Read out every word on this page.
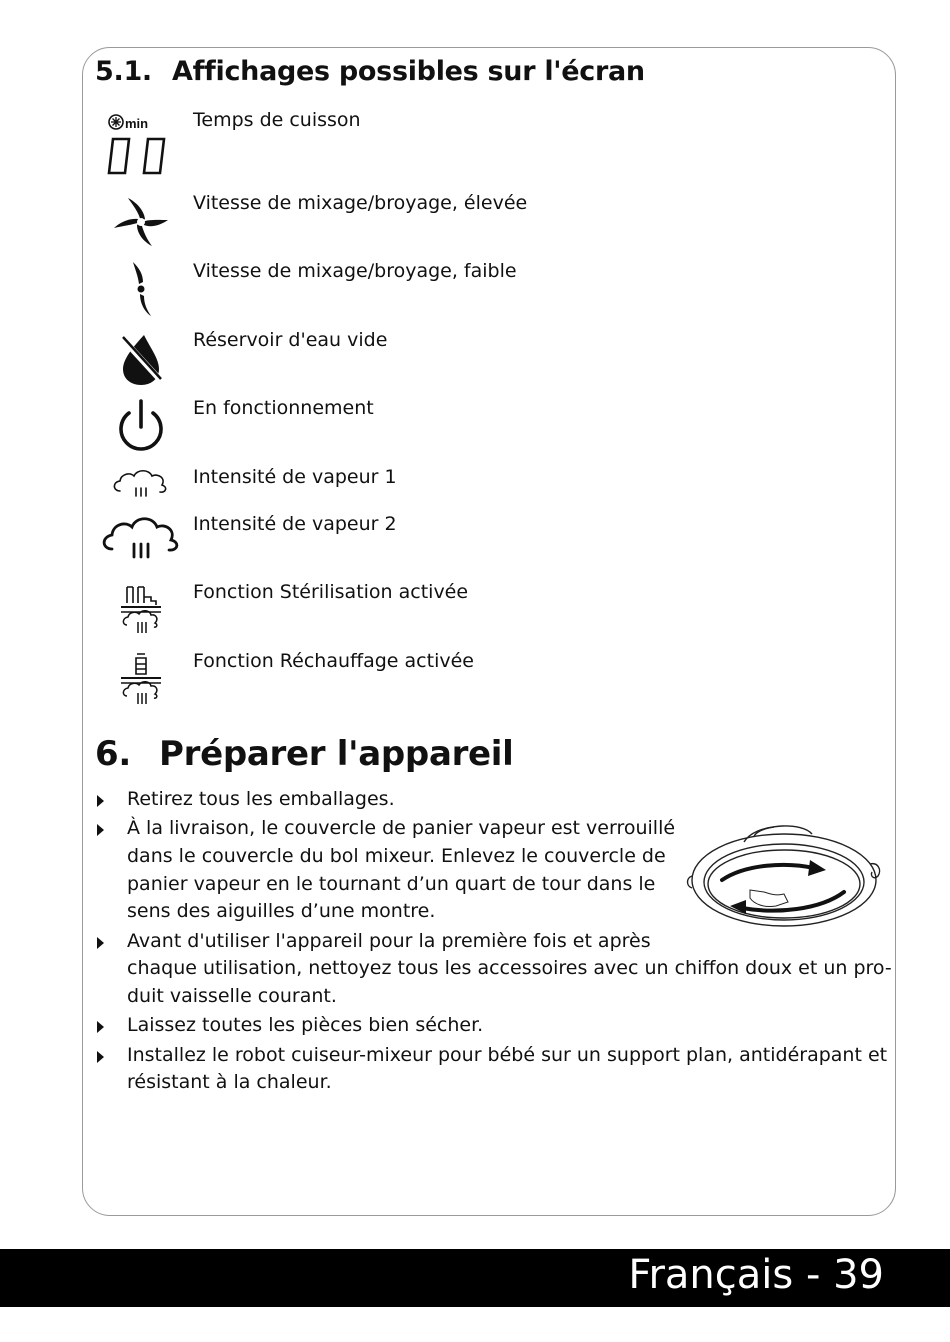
5.1. Affichages possibles sur l'écran
min Temps de cuisson
Vitesse de mixage/broyage, élevée
Vitesse de mixage/broyage, faible
Réservoir d'eau vide
En fonctionnement
Intensité de vapeur 1
Intensité de vapeur 2
Fonction Stérilisation activée
Fonction Réchauffage activée
6. Préparer l'appareil
Retirez tous les emballages.
À la livraison, le couvercle de panier vapeur est verrouillé
dans le couvercle du bol mixeur. Enlevez le couvercle de
panier vapeur en le tournant d’un quart de tour dans le
sens des aiguilles d’une montre.
Avant d'utiliser l'appareil pour la première fois et après
chaque utilisation, nettoyez tous les accessoires avec un chiffon doux et un pro-
duit vaisselle courant.
Laissez toutes les pièces bien sécher.
Installez le robot cuiseur-mixeur pour bébé sur un support plan, antidérapant et
résistant à la chaleur.
Français - 39
